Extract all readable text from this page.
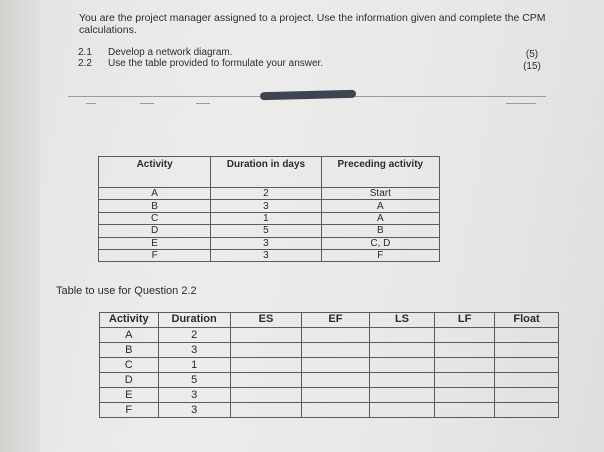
You are the project manager assigned to a project. Use the information given and complete the CPM calculations.
2.1 Develop a network diagram.	(5)
2.2 Use the table provided to formulate your answer.	(15)
Activity	Duration in days	Preceding activity
A	2	Start
B	3	A
C	1	A
D	5	B
E	3	C, D
F	3	F
Table to use for Question 2.2
Activity	Duration	ES	EF	LS	LF	Float
A	2					
B	3					
C	1					
D	5					
E	3					
F	3					
